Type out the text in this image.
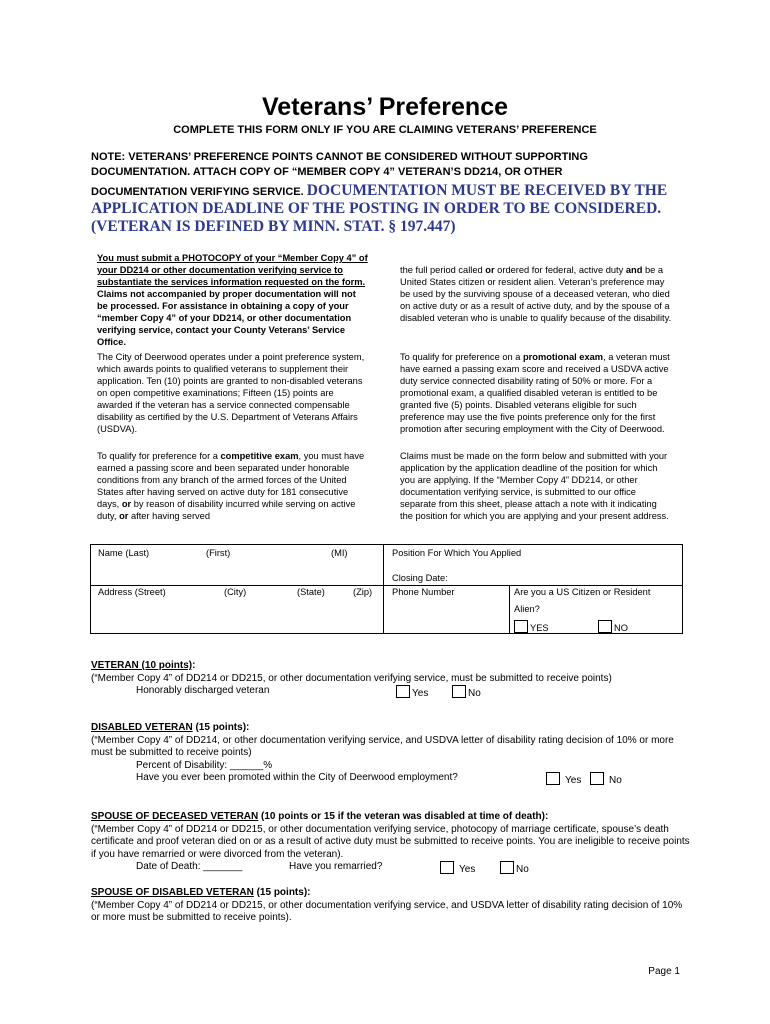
Veterans’ Preference
COMPLETE THIS FORM ONLY IF YOU ARE CLAIMING VETERANS’ PREFERENCE
NOTE: VETERANS’ PREFERENCE POINTS CANNOT BE CONSIDERED WITHOUT SUPPORTING
DOCUMENTATION. ATTACH COPY OF “MEMBER COPY 4” VETERAN’S DD214, OR OTHER
DOCUMENTATION VERIFYING SERVICE. DOCUMENTATION MUST BE RECEIVED BY THE
APPLICATION DEADLINE OF THE POSTING IN ORDER TO BE CONSIDERED.
(VETERAN IS DEFINED BY MINN. STAT. § 197.447)

You must submit a PHOTOCOPY of your “Member Copy 4” of your DD214 or other documentation verifying service to substantiate the services information requested on the form. Claims not accompanied by proper documentation will not be processed. For assistance in obtaining a copy of your “member Copy 4” of your DD214, or other documentation verifying service, contact your County Veterans’ Service Office.

The City of Deerwood operates under a point preference system, which awards points to qualified veterans to supplement their application. Ten (10) points are granted to non-disabled veterans on open competitive examinations; Fifteen (15) points are awarded if the veteran has a service connected compensable disability as certified by the U.S. Department of Veterans Affairs (USDVA).

To qualify for preference for a competitive exam, you must have earned a passing score and been separated under honorable conditions from any branch of the armed forces of the United States after having served on active duty for 181 consecutive days, or by reason of disability incurred while serving on active duty, or after having served

the full period called or ordered for federal, active duty and be a United States citizen or resident alien. Veteran’s preference may be used by the surviving spouse of a deceased veteran, who died on active duty or as a result of active duty, and by the spouse of a disabled veteran who is unable to qualify because of the disability.

To qualify for preference on a promotional exam, a veteran must have earned a passing exam score and received a USDVA active duty service connected disability rating of 50% or more. For a promotional exam, a qualified disabled veteran is entitled to be granted five (5) points. Disabled veterans eligible for such preference may use the five points preference only for the first promotion after securing employment with the City of Deerwood.

Claims must be made on the form below and submitted with your application by the application deadline of the position for which you are applying. If the “Member Copy 4” DD214, or other documentation verifying service, is submitted to our office separate from this sheet, please attach a note with it indicating the position for which you are applying and your present address.

Name (Last) (First) (MI)	Position For Which You Applied
Closing Date:	

Address (Street) (City) (State) (Zip)	Phone Number	Are you a US Citizen or Resident
Alien?
YES NO
VETERAN (10 points):
(“Member Copy 4” of DD214 or DD215, or other documentation verifying service, must be submitted to receive points)
Honorably discharged veteran	Yes	No
DISABLED VETERAN (15 points):
(“Member Copy 4” of DD214, or other documentation verifying service, and USDVA letter of disability rating decision of 10% or more must be submitted to receive points)
Percent of Disability: ______%
Have you ever been promoted within the City of Deerwood employment?	Yes	No
SPOUSE OF DECEASED VETERAN (10 points or 15 if the veteran was disabled at time of death):
(“Member Copy 4” of DD214 or DD215, or other documentation verifying service, photocopy of marriage certificate, spouse’s death certificate and proof veteran died on or as a result of active duty must be submitted to receive points. You are ineligible to receive points if you have remarried or were divorced from the veteran).
Date of Death: _______	Have you remarried?	Yes	No
SPOUSE OF DISABLED VETERAN (15 points):
(“Member Copy 4” of DD214 or DD215, or other documentation verifying service, and USDVA letter of disability rating decision of 10% or more must be submitted to receive points).
Page 1
